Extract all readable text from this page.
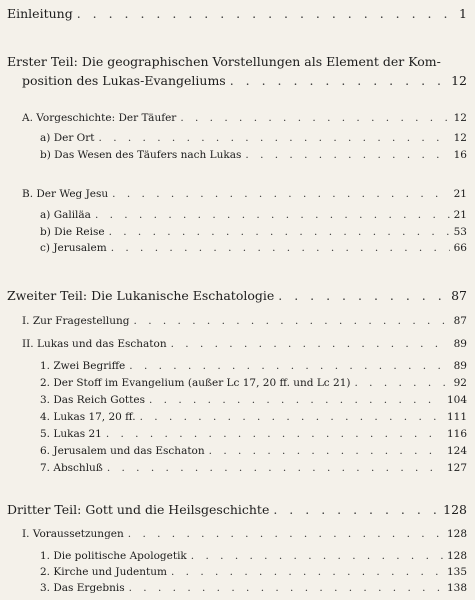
Einleitung . . .	1
Erster Teil: Die geographischen Vorstellungen als Element der Kom-
position des Lukas-Evangeliums . . .	12
A. Vorgeschichte: Der Täufer . . .	12
a) Der Ort . . .	12
b) Das Wesen des Täufers nach Lukas . . .	16
B. Der Weg Jesu . . .	21
a) Galiläa . . .	21
b) Die Reise . . .	53
c) Jerusalem . . .	66
Zweiter Teil: Die Lukanische Eschatologie . . .	87
I. Zur Fragestellung . . .	87
II. Lukas und das Eschaton . . .	89
1. Zwei Begriffe . . .	89
2. Der Stoff im Evangelium (außer Lc 17, 20 ff. und Lc 21) . . .	92
3. Das Reich Gottes . . .	104
4. Lukas 17, 20 ff. . . .	111
5. Lukas 21 . . .	116
6. Jerusalem und das Eschaton . . .	124
7. Abschluß . . .	127
Dritter Teil: Gott und die Heilsgeschichte . . .	128
I. Voraussetzungen . . .	128
1. Die politische Apologetik . . .	128
2. Kirche und Judentum . . .	135
3. Das Ergebnis . . .	138
